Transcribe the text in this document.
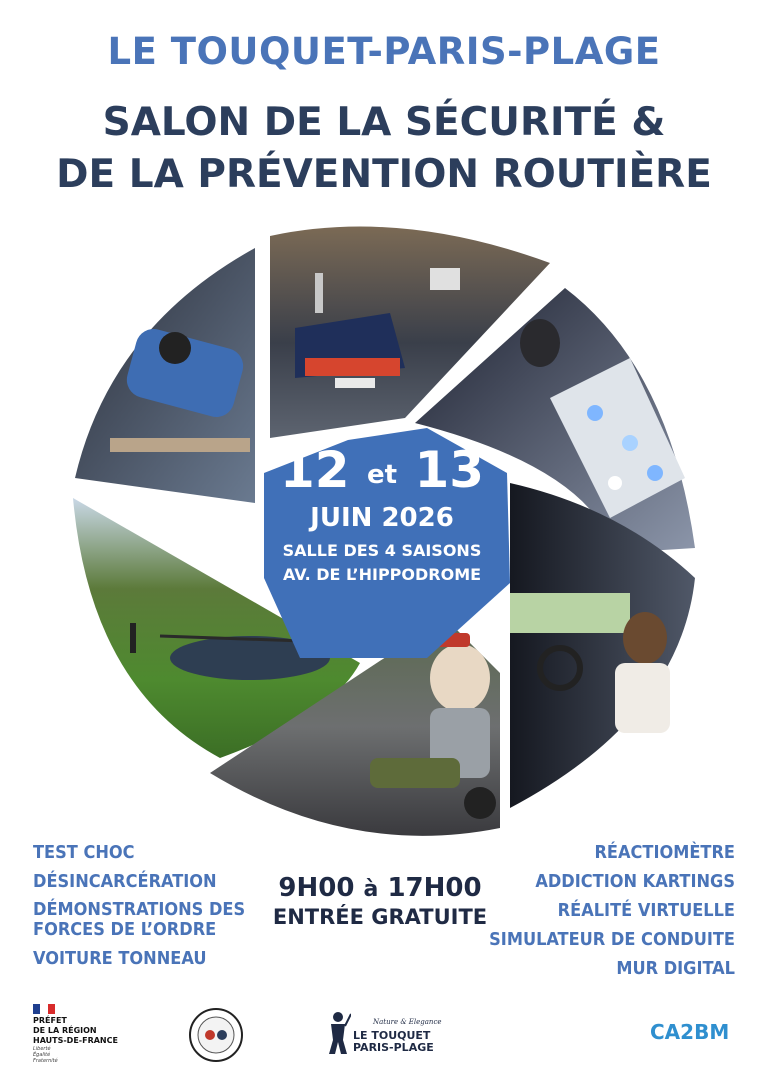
LE TOUQUET-PARIS-PLAGE
SALON DE LA SÉCURITÉ &
DE LA PRÉVENTION ROUTIÈRE
12 et 13
JUIN 2026
SALLE DES 4 SAISONS
AV. DE L’HIPPODROME
TEST CHOC
DÉSINCARCÉRATION
DÉMONSTRATIONS DES
FORCES DE L’ORDRE
VOITURE TONNEAU
9H00 à 17H00
ENTRÉE GRATUITE
RÉACTIOMÈTRE
ADDICTION KARTINGS
RÉALITÉ VIRTUELLE
SIMULATEUR DE CONDUITE
MUR DIGITAL
PRÉFET
DE LA RÉGION
HAUTS-DE-FRANCE
Liberté
Égalité
Fraternité
Nature & Elegance
LE TOUQUET
PARIS-PLAGE
CA2BM
